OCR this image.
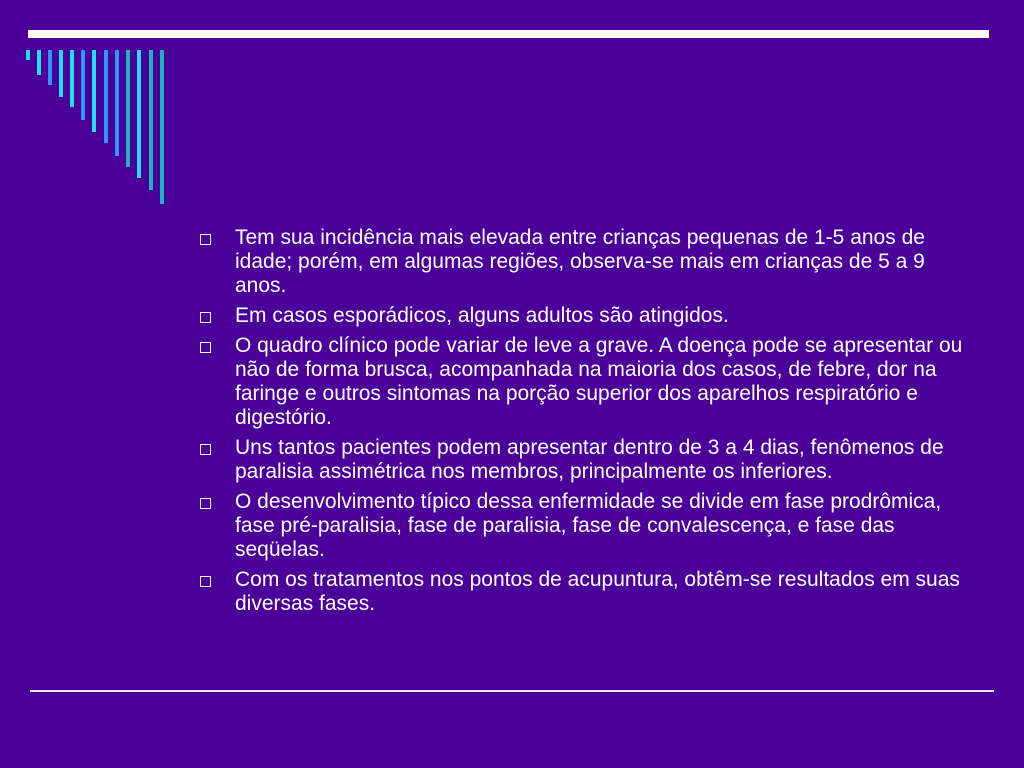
Tem sua incidência mais elevada entre crianças pequenas de 1-5 anos de idade; porém, em algumas regiões, observa-se mais em crianças de 5 a 9 anos.
Em casos esporádicos, alguns adultos são atingidos.
O quadro clínico pode variar de leve a grave. A doença pode se apresentar ou não de forma brusca, acompanhada na maioria dos casos, de febre, dor na faringe e outros sintomas na porção superior dos aparelhos respiratório e digestório.
Uns tantos pacientes podem apresentar dentro de 3 a 4 dias, fenômenos de paralisia assimétrica nos membros, principalmente os inferiores.
O desenvolvimento típico dessa enfermidade se divide em fase prodrômica, fase pré-paralisia, fase de paralisia, fase de convalescença, e fase das seqüelas.
Com os tratamentos nos pontos de acupuntura, obtêm-se resultados em suas diversas fases.
